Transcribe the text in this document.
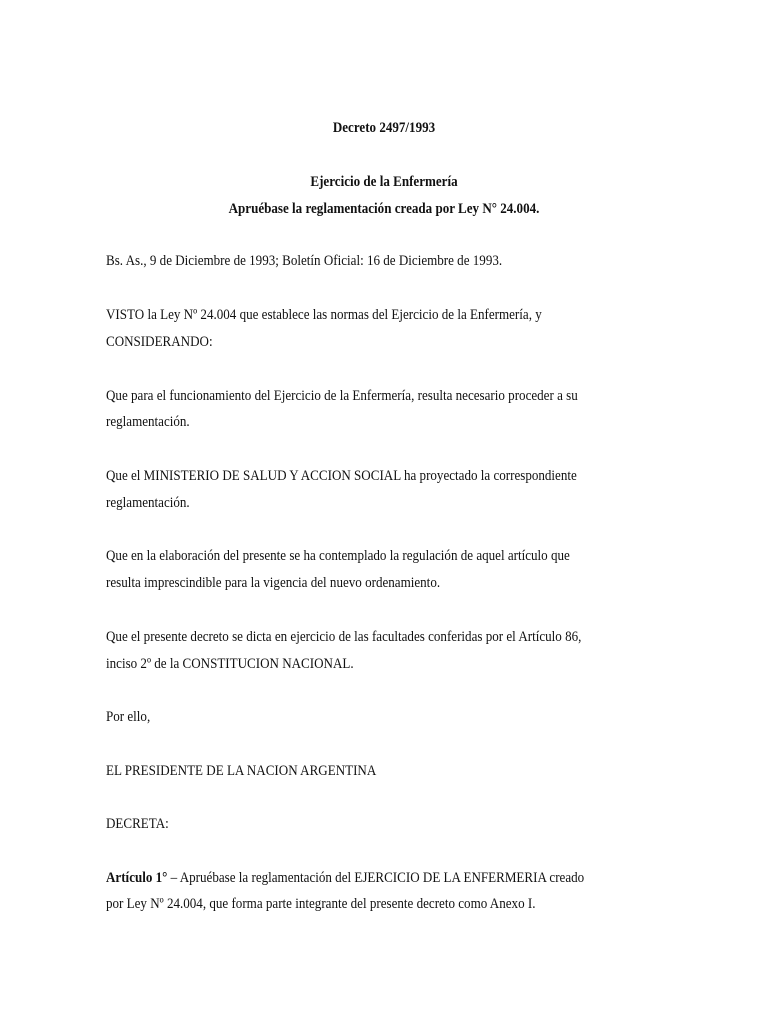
Decreto 2497/1993
Ejercicio de la Enfermería
Apruébase la reglamentación creada por Ley N° 24.004.
Bs. As., 9 de Diciembre de 1993; Boletín Oficial: 16 de Diciembre de 1993.
VISTO la Ley Nº 24.004 que establece las normas del Ejercicio de la Enfermería, y
CONSIDERANDO:
Que para el funcionamiento del Ejercicio de la Enfermería, resulta necesario proceder a su
reglamentación.
Que el MINISTERIO DE SALUD Y ACCION SOCIAL ha proyectado la correspondiente
reglamentación.
Que en la elaboración del presente se ha contemplado la regulación de aquel artículo que
resulta imprescindible para la vigencia del nuevo ordenamiento.
Que el presente decreto se dicta en ejercicio de las facultades conferidas por el Artículo 86,
inciso 2º de la CONSTITUCION NACIONAL.
Por ello,
EL PRESIDENTE DE LA NACION ARGENTINA
DECRETA:
Artículo 1° – Apruébase la reglamentación del EJERCICIO DE LA ENFERMERIA creado
por Ley Nº 24.004, que forma parte integrante del presente decreto como Anexo I.
